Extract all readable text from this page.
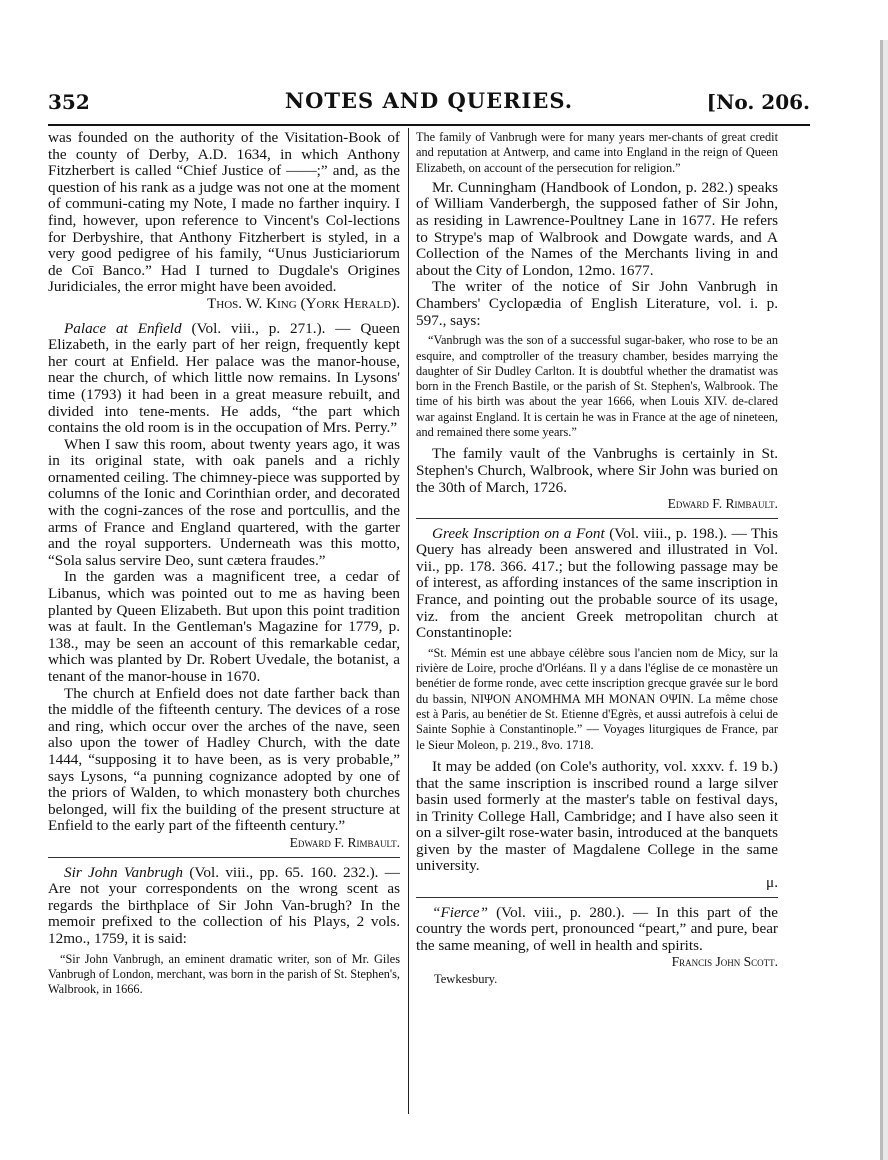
352	NOTES AND QUERIES.	[No. 206.

was founded on the authority of the Visitation-Book of the county of Derby, A.D. 1634, in which Anthony Fitzherbert is called “Chief Justice of ——;” and, as the question of his rank as a judge was not one at the moment of communi-cating my Note, I made no farther inquiry. I find, however, upon reference to Vincent's Col-lections for Derbyshire, that Anthony Fitzherbert is styled, in a very good pedigree of his family, “Unus Justiciariorum de Coī Banco.” Had I turned to Dugdale's Origines Juridiciales, the error might have been avoided.

Thos. W. King (York Herald).

Palace at Enfield (Vol. viii., p. 271.). — Queen Elizabeth, in the early part of her reign, frequently kept her court at Enfield. Her palace was the manor-house, near the church, of which little now remains. In Lysons' time (1793) it had been in a great measure rebuilt, and divided into tene-ments. He adds, “the part which contains the old room is in the occupation of Mrs. Perry.”

When I saw this room, about twenty years ago, it was in its original state, with oak panels and a richly ornamented ceiling. The chimney-piece was supported by columns of the Ionic and Corinthian order, and decorated with the cogni-zances of the rose and portcullis, and the arms of France and England quartered, with the garter and the royal supporters. Underneath was this motto, “Sola salus servire Deo, sunt cætera fraudes.”

In the garden was a magnificent tree, a cedar of Libanus, which was pointed out to me as having been planted by Queen Elizabeth. But upon this point tradition was at fault. In the Gentleman's Magazine for 1779, p. 138., may be seen an account of this remarkable cedar, which was planted by Dr. Robert Uvedale, the botanist, a tenant of the manor-house in 1670.

The church at Enfield does not date farther back than the middle of the fifteenth century. The devices of a rose and ring, which occur over the arches of the nave, seen also upon the tower of Hadley Church, with the date 1444, “supposing it to have been, as is very probable,” says Lysons, “a punning cognizance adopted by one of the priors of Walden, to which monastery both churches belonged, will fix the building of the present structure at Enfield to the early part of the fifteenth century.”

Edward F. Rimbault.

Sir John Vanbrugh (Vol. viii., pp. 65. 160. 232.). — Are not your correspondents on the wrong scent as regards the birthplace of Sir John Van-brugh? In the memoir prefixed to the collection of his Plays, 2 vols. 12mo., 1759, it is said:

“Sir John Vanbrugh, an eminent dramatic writer, son of Mr. Giles Vanbrugh of London, merchant, was born in the parish of St. Stephen's, Walbrook, in 1666.

The family of Vanbrugh were for many years mer-chants of great credit and reputation at Antwerp, and came into England in the reign of Queen Elizabeth, on account of the persecution for religion.”

Mr. Cunningham (Handbook of London, p. 282.) speaks of William Vanderbergh, the supposed father of Sir John, as residing in Lawrence-Poultney Lane in 1677. He refers to Strype's map of Walbrook and Dowgate wards, and A Collection of the Names of the Merchants living in and about the City of London, 12mo. 1677.

The writer of the notice of Sir John Vanbrugh in Chambers' Cyclopædia of English Literature, vol. i. p. 597., says:

“Vanbrugh was the son of a successful sugar-baker, who rose to be an esquire, and comptroller of the treasury chamber, besides marrying the daughter of Sir Dudley Carlton. It is doubtful whether the dramatist was born in the French Bastile, or the parish of St. Stephen's, Walbrook. The time of his birth was about the year 1666, when Louis XIV. de-clared war against England. It is certain he was in France at the age of nineteen, and remained there some years.”

The family vault of the Vanbrughs is certainly in St. Stephen's Church, Walbrook, where Sir John was buried on the 30th of March, 1726.

Edward F. Rimbault.

Greek Inscription on a Font (Vol. viii., p. 198.). — This Query has already been answered and illustrated in Vol. vii., pp. 178. 366. 417.; but the following passage may be of interest, as affording instances of the same inscription in France, and pointing out the probable source of its usage, viz. from the ancient Greek metropolitan church at Constantinople:

“St. Mémin est une abbaye célèbre sous l'ancien nom de Micy, sur la rivière de Loire, proche d'Orléans. Il y a dans l'église de ce monastère un benétier de forme ronde, avec cette inscription grecque gravée sur le bord du bassin, ΝΙΨΟΝ ΑΝΟΜΗΜΑ ΜΗ ΜΟΝΑΝ ΟΨΙΝ. La même chose est à Paris, au benétier de St. Etienne d'Egrès, et aussi autrefois à celui de Sainte Sophie à Constantinople.” — Voyages liturgiques de France, par le Sieur Moleon, p. 219., 8vo. 1718.

It may be added (on Cole's authority, vol. xxxv. f. 19 b.) that the same inscription is inscribed round a large silver basin used formerly at the master's table on festival days, in Trinity College Hall, Cambridge; and I have also seen it on a silver-gilt rose-water basin, introduced at the banquets given by the master of Magdalene College in the same university.

μ.

“Fierce” (Vol. viii., p. 280.). — In this part of the country the words pert, pronounced “peart,” and pure, bear the same meaning, of well in health and spirits.

Francis John Scott.

Tewkesbury.
